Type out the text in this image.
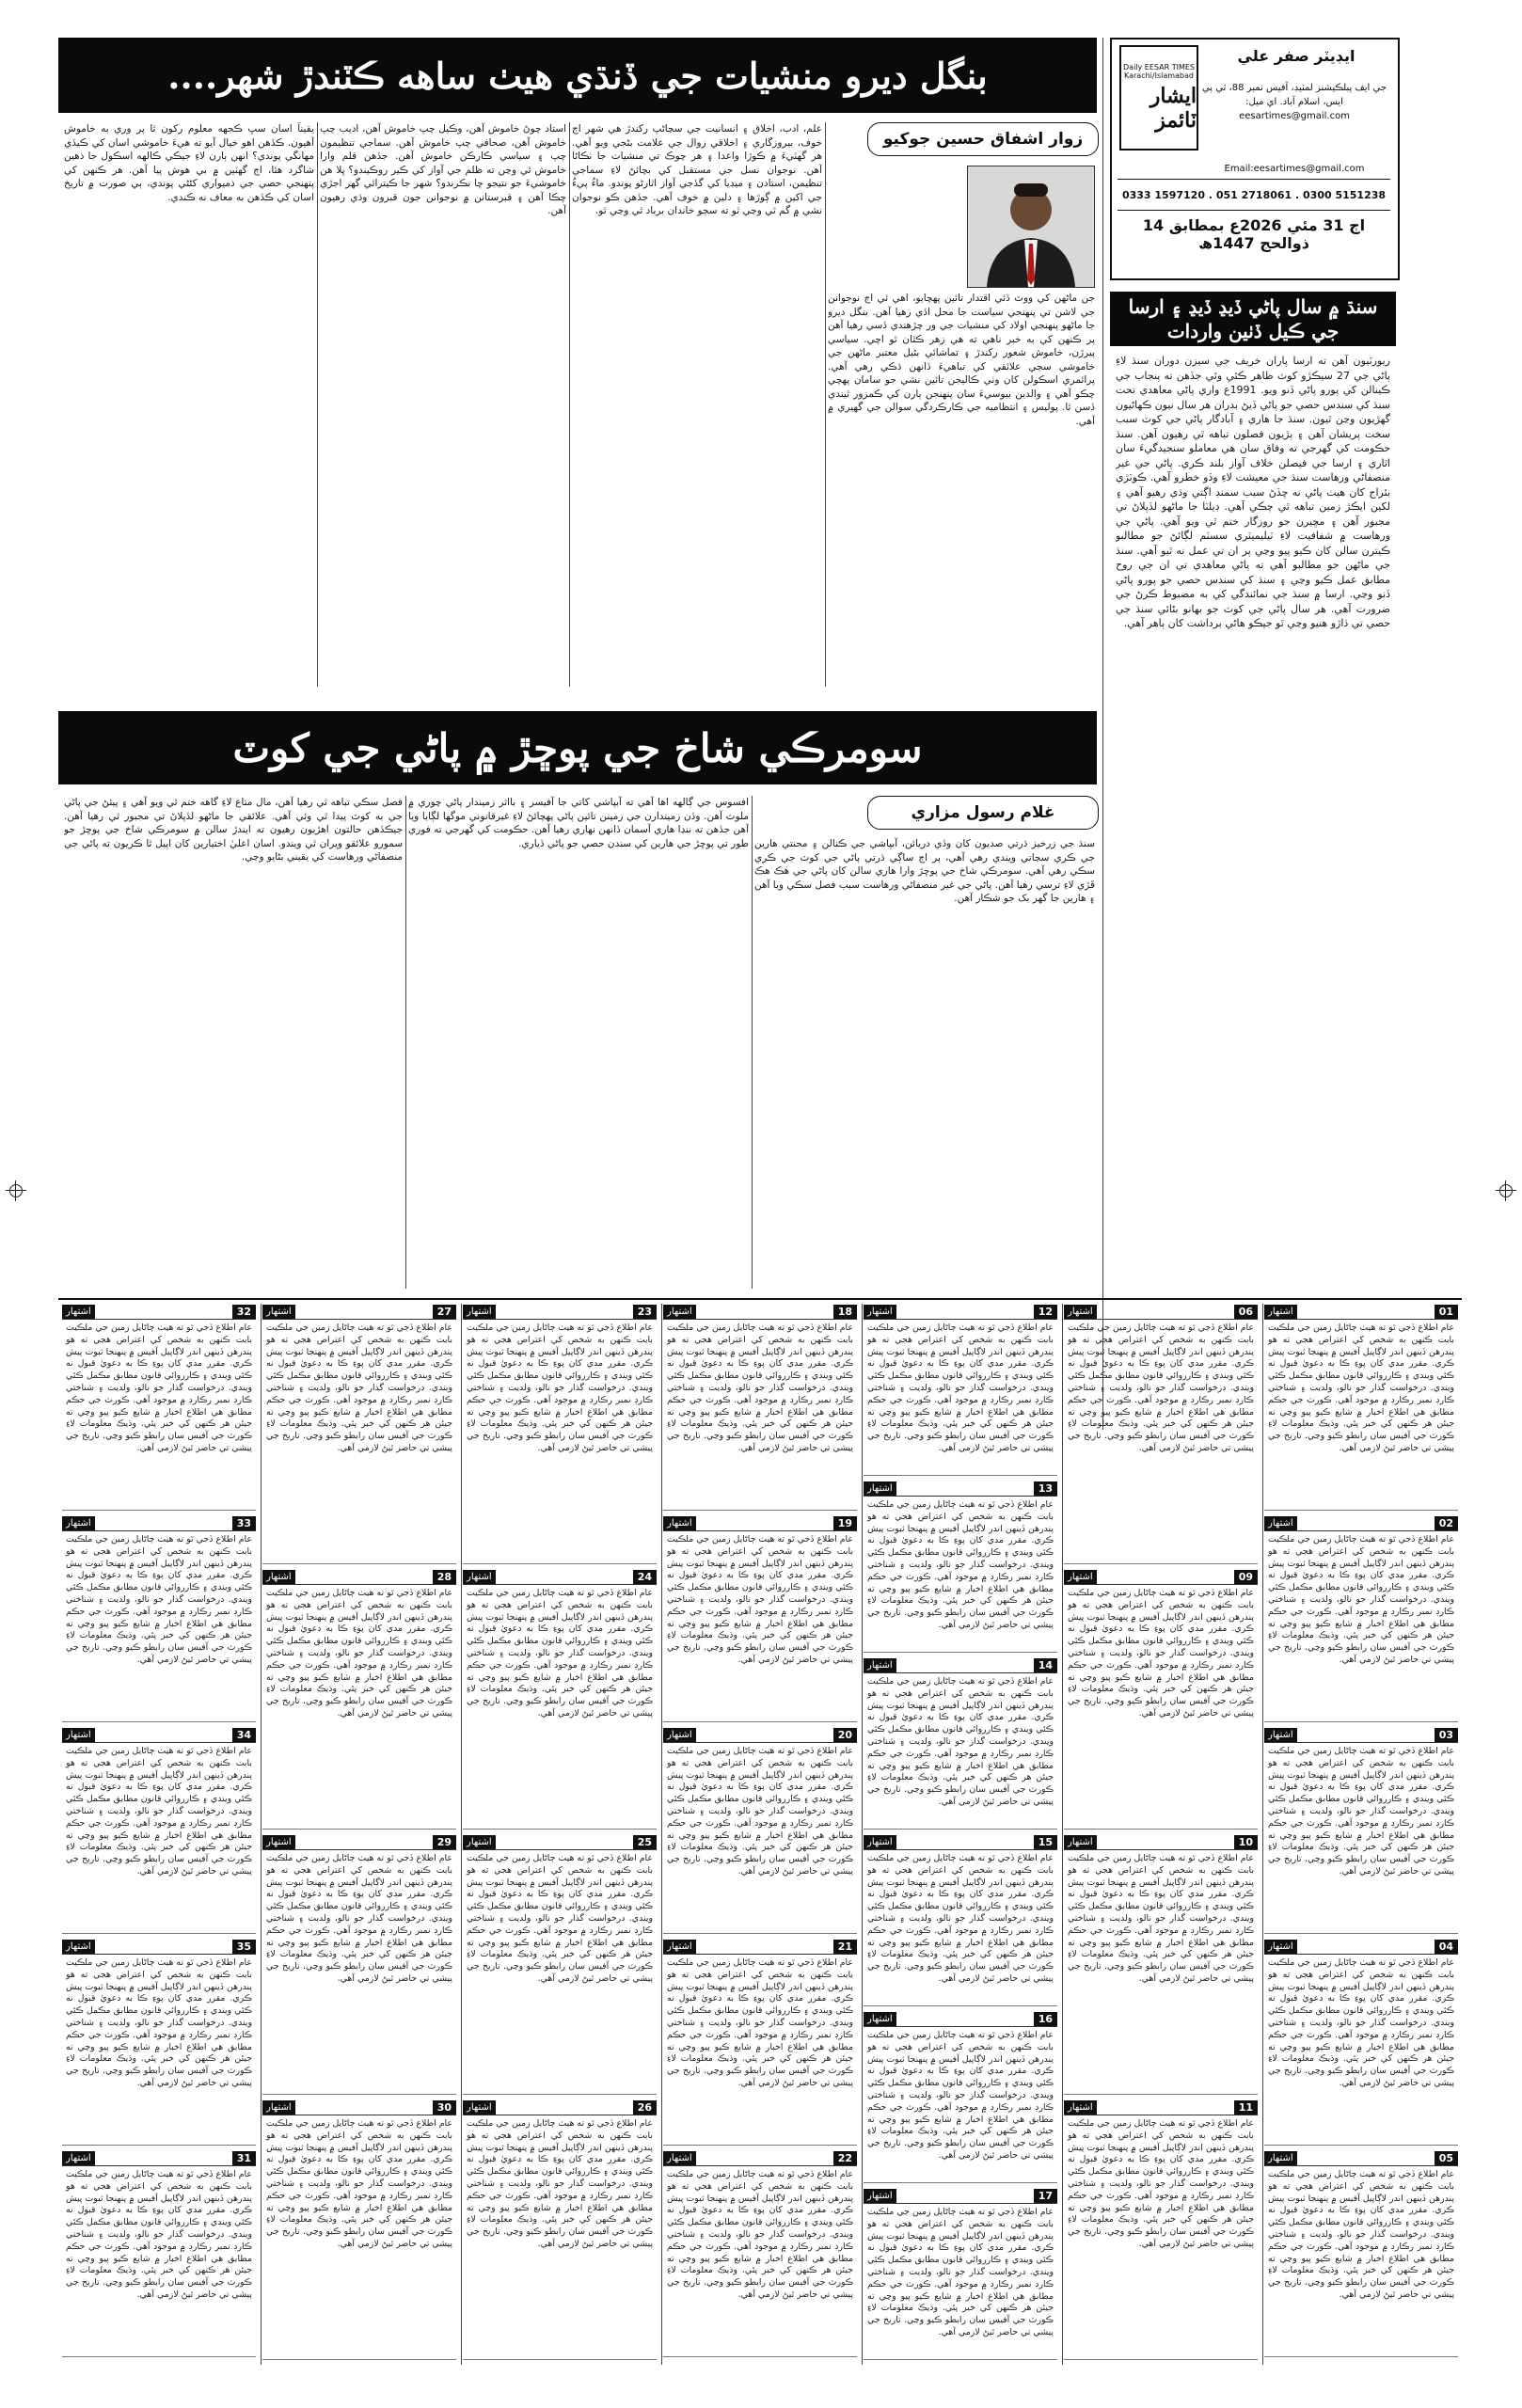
Daily EESAR TIMES Karachi/Islamabad
ايشار ٽائمز
ايڊيٽر صفر علي
جي ايف پبلڪيشنز لمٽيڊ، آفيس نمبر 88، ٽي پي ايس، اسلام آباد. اي ميل: eesartimes@gmail.com
Email:eesartimes@gmail.com
0333 1597120 . 051 2718061 . 0300 5151238
اڄ 31 مئي 2026ع بمطابق 14 ذوالحج 1447ھ
سنڌ ۾ سال پاڻي ڏيڍ ڏيڍ ۽ ارسا جي ڪيل ڏٺين واردات
ريورٽيون آهن ته ارسا پاران خريف جي سيزن دوران سنڌ لاءِ پاڻي جي 27 سيڪڙو کوٽ ظاهر ڪئي وئي جڏهن ته پنجاب جي ڪينالن کي پورو پاڻي ڏنو ويو. 1991ع واري پاڻي معاهدي تحت سنڌ کي سندس حصي جو پاڻي ڏيڻ بدران هر سال نيون ڪهاڻيون گهڙيون وڃن ٿيون. سنڌ جا هاري ۽ آبادگار پاڻي جي کوٽ سبب سخت پريشان آهن ۽ ٻڙيون فصلون تباهه ٿي رهيون آهن. سنڌ حڪومت کي گهرجي ته وفاق سان هي معاملو سنجيدگيءَ سان اٿاري ۽ ارسا جي فيصلن خلاف آواز بلند ڪري. پاڻي جي غير منصفاڻي ورهاست سنڌ جي معيشت لاءِ وڏو خطرو آهي. ڪوٽڙي بئراج کان هيٺ پاڻي نه ڇڏڻ سبب سمنڊ اڳتي وڌي رهيو آهي ۽ لکين ايڪڙ زمين تباهه ٿي چڪي آهي. ڊيلٽا جا ماڻهو لڏپلاڻ تي مجبور آهن ۽ مڇيرن جو روزگار ختم ٿي ويو آهي. پاڻي جي ورهاست ۾ شفافيت لاءِ ٽيليميٽري سسٽم لڳائڻ جو مطالبو ڪيترن سالن کان ڪيو پيو وڃي پر ان تي عمل نه ٿيو آهي. سنڌ جي ماڻهن جو مطالبو آهي ته پاڻي معاهدي تي ان جي روح مطابق عمل ڪيو وڃي ۽ سنڌ کي سندس حصي جو پورو پاڻي ڏنو وڃي. ارسا ۾ سنڌ جي نمائندگي کي به مضبوط ڪرڻ جي ضرورت آهي. هر سال پاڻي جي کوٽ جو بهانو بڻائي سنڌ جي حصي تي ڌاڙو هنيو وڃي ٿو جيڪو هاڻي برداشت کان ٻاهر آهي.
بنگل ديرو منشيات جي ڏنڌي هيٺ ساهه ڪٽندڙ شهر....
زوار اشفاق حسين جوکيو
جن ماڻهن کي ووٽ ڏئي اقتدار تائين پهچايو، اهي ئي اڄ نوجوانن جي لاشن تي پنهنجي سياست جا محل اڏي رهيا آهن. بنگل ديرو جا ماڻهو پنهنجي اولاد کي منشيات جي ور چڙهندي ڏسي رهيا آهن پر ڪنهن کي به خبر ناهي ته هي زهر ڪٿان ٿو اچي. سياسي پيرڙن، خاموش شعور رکندڙ ۽ تماشائي بڻيل معتبر ماڻهن جي خاموشي سڄي علائقي کي تباهيءَ ڏانهن ڌڪي رهي آهي. پرائمري اسڪولن کان وٺي ڪاليجن تائين نشي جو سامان پهچي چڪو آهي ۽ والدين بيوسيءَ سان پنهنجن ٻارن کي ڪمزور ٿيندي ڏسن ٿا. پوليس ۽ انتظاميه جي ڪارڪردگي سوالن جي گهيري ۾ آهي.
علم، ادب، اخلاق ۽ انسانيت جي سڃاڻپ رکندڙ هي شهر اڄ خوف، بيروزگاري ۽ اخلاقي زوال جي علامت بڻجي ويو آهي. هر گهٽيءَ ۾ ڪوڙا واعدا ۽ هر چوڪ تي منشيات جا ٺڪاڻا آهن. نوجوان نسل جي مستقبل کي بچائڻ لاءِ سماجي تنظيمن، استادن ۽ ميڊيا کي گڏجي آواز اٿارڻو پوندو. ماءُ پيءُ جي اکين ۾ ڳوڙها ۽ دلين ۾ خوف آهي. جڏهن ڪو نوجوان نشي ۾ گم ٿي وڃي ٿو ته سڄو خاندان برباد ٿي وڃي ٿو.
استاد چوڻ خاموش آهن، وڪيل چپ خاموش آهن، اديب چپ خاموش آهن، صحافي چپ خاموش آهن. سماجي تنظيمون چپ ۽ سياسي ڪارڪن خاموش آهن. جڏهن قلم وارا خاموش ٿي وڃن ته ظلم جي آواز کي ڪير روڪيندو؟ ڀلا هن خاموشيءَ جو نتيجو ڇا نڪرندو؟ شهر جا ڪيترائي گهر اجڙي چڪا آهن ۽ قبرستانن ۾ نوجوانن جون قبرون وڌي رهيون آهن.
يقيناً اسان سڀ ڪجهه معلوم رکون ٿا پر وري به خاموش آهيون. ڪڏهن اهو خيال آيو ته هيءَ خاموشي اسان کي ڪيڏي مهانگي پوندي؟ انهن ٻارن لاءِ جيڪي ڪالهه اسڪول جا ذهين شاگرد هئا، اڄ گهٽين ۾ بي هوش پيا آهن. هر ڪنهن کي پنهنجي حصي جي ذميواري کڻڻي پوندي، ٻي صورت ۾ تاريخ اسان کي ڪڏهن به معاف نه ڪندي.
سومرڪي شاخ جي پوڇڙ ۾ پاڻي جي کوٽ
غلام رسول مزاري
سنڌ جي زرخيز ڌرتي صديون کان وڏي دريائن، آبپاشي جي ڪنالن ۽ محنتي هارين جي ڪري سڃاتي ويندي رهي آهي، پر اڄ ساڳي ڌرتي پاڻي جي کوٽ جي ڪري سڪي رهي آهي. سومرڪي شاخ جي پوڇڙ وارا هاري سالن کان پاڻي جي هڪ هڪ ڦڙي لاءِ ترسي رهيا آهن. پاڻي جي غير منصفاڻي ورهاست سبب فصل سڪي ويا آهن ۽ هارين جا گهر بک جو شڪار آهن.
افسوس جي ڳالهه اها آهي ته آبپاشي کاتي جا آفيسر ۽ بااثر زميندار پاڻي چوري ۾ ملوث آهن. وڏن زميندارن جي زمينن تائين پاڻي پهچائڻ لاءِ غيرقانوني موگها لڳايا ويا آهن جڏهن ته ننڍا هاري آسمان ڏانهن نهاري رهيا آهن. حڪومت کي گهرجي ته فوري طور تي پوڇڙ جي هارين کي سندن حصي جو پاڻي ڏياري.
فصل سڪي تباهه ٿي رهيا آهن، مال متاع لاءِ گاهه ختم ٿي ويو آهي ۽ پيئڻ جي پاڻي جي به کوٽ پيدا ٿي وئي آهي. علائقي جا ماڻهو لڏپلاڻ تي مجبور ٿي رهيا آهن. جيڪڏهن حالتون اهڙيون رهيون ته ايندڙ سالن ۾ سومرڪي شاخ جي پوڇڙ جو سمورو علائقو ويران ٿي ويندو. اسان اعليٰ اختيارين کان اپيل ٿا ڪريون ته پاڻي جي منصفاڻي ورهاست کي يقيني بڻايو وڃي.
01
اشتهار
عام اطلاع ڏجي ٿو ته هيٺ ڄاڻايل زمين جي ملڪيت بابت ڪنهن به شخص کي اعتراض هجي ته هو پندرهن ڏينهن اندر لاڳاپيل آفيس ۾ پنهنجا ثبوت پيش ڪري. مقرر مدي کان پوءِ ڪا به دعويٰ قبول نه ڪئي ويندي ۽ ڪارروائي قانون مطابق مڪمل ڪئي ويندي. درخواست گذار جو نالو، ولديت ۽ شناختي ڪارڊ نمبر رڪارڊ ۾ موجود آهي. ڪورٽ جي حڪم مطابق هي اطلاع اخبار ۾ شايع ڪيو پيو وڃي ته جيئن هر ڪنهن کي خبر پئي. وڌيڪ معلومات لاءِ ڪورٽ جي آفيس سان رابطو ڪيو وڃي. تاريخ جي پيشي تي حاضر ٿيڻ لازمي آهي.
02
اشتهار
عام اطلاع ڏجي ٿو ته هيٺ ڄاڻايل زمين جي ملڪيت بابت ڪنهن به شخص کي اعتراض هجي ته هو پندرهن ڏينهن اندر لاڳاپيل آفيس ۾ پنهنجا ثبوت پيش ڪري. مقرر مدي کان پوءِ ڪا به دعويٰ قبول نه ڪئي ويندي ۽ ڪارروائي قانون مطابق مڪمل ڪئي ويندي. درخواست گذار جو نالو، ولديت ۽ شناختي ڪارڊ نمبر رڪارڊ ۾ موجود آهي. ڪورٽ جي حڪم مطابق هي اطلاع اخبار ۾ شايع ڪيو پيو وڃي ته جيئن هر ڪنهن کي خبر پئي. وڌيڪ معلومات لاءِ ڪورٽ جي آفيس سان رابطو ڪيو وڃي. تاريخ جي پيشي تي حاضر ٿيڻ لازمي آهي.
03
اشتهار
عام اطلاع ڏجي ٿو ته هيٺ ڄاڻايل زمين جي ملڪيت بابت ڪنهن به شخص کي اعتراض هجي ته هو پندرهن ڏينهن اندر لاڳاپيل آفيس ۾ پنهنجا ثبوت پيش ڪري. مقرر مدي کان پوءِ ڪا به دعويٰ قبول نه ڪئي ويندي ۽ ڪارروائي قانون مطابق مڪمل ڪئي ويندي. درخواست گذار جو نالو، ولديت ۽ شناختي ڪارڊ نمبر رڪارڊ ۾ موجود آهي. ڪورٽ جي حڪم مطابق هي اطلاع اخبار ۾ شايع ڪيو پيو وڃي ته جيئن هر ڪنهن کي خبر پئي. وڌيڪ معلومات لاءِ ڪورٽ جي آفيس سان رابطو ڪيو وڃي. تاريخ جي پيشي تي حاضر ٿيڻ لازمي آهي.
04
اشتهار
عام اطلاع ڏجي ٿو ته هيٺ ڄاڻايل زمين جي ملڪيت بابت ڪنهن به شخص کي اعتراض هجي ته هو پندرهن ڏينهن اندر لاڳاپيل آفيس ۾ پنهنجا ثبوت پيش ڪري. مقرر مدي کان پوءِ ڪا به دعويٰ قبول نه ڪئي ويندي ۽ ڪارروائي قانون مطابق مڪمل ڪئي ويندي. درخواست گذار جو نالو، ولديت ۽ شناختي ڪارڊ نمبر رڪارڊ ۾ موجود آهي. ڪورٽ جي حڪم مطابق هي اطلاع اخبار ۾ شايع ڪيو پيو وڃي ته جيئن هر ڪنهن کي خبر پئي. وڌيڪ معلومات لاءِ ڪورٽ جي آفيس سان رابطو ڪيو وڃي. تاريخ جي پيشي تي حاضر ٿيڻ لازمي آهي.
05
اشتهار
عام اطلاع ڏجي ٿو ته هيٺ ڄاڻايل زمين جي ملڪيت بابت ڪنهن به شخص کي اعتراض هجي ته هو پندرهن ڏينهن اندر لاڳاپيل آفيس ۾ پنهنجا ثبوت پيش ڪري. مقرر مدي کان پوءِ ڪا به دعويٰ قبول نه ڪئي ويندي ۽ ڪارروائي قانون مطابق مڪمل ڪئي ويندي. درخواست گذار جو نالو، ولديت ۽ شناختي ڪارڊ نمبر رڪارڊ ۾ موجود آهي. ڪورٽ جي حڪم مطابق هي اطلاع اخبار ۾ شايع ڪيو پيو وڃي ته جيئن هر ڪنهن کي خبر پئي. وڌيڪ معلومات لاءِ ڪورٽ جي آفيس سان رابطو ڪيو وڃي. تاريخ جي پيشي تي حاضر ٿيڻ لازمي آهي.
06
اشتهار
عام اطلاع ڏجي ٿو ته هيٺ ڄاڻايل زمين جي ملڪيت بابت ڪنهن به شخص کي اعتراض هجي ته هو پندرهن ڏينهن اندر لاڳاپيل آفيس ۾ پنهنجا ثبوت پيش ڪري. مقرر مدي کان پوءِ ڪا به دعويٰ قبول نه ڪئي ويندي ۽ ڪارروائي قانون مطابق مڪمل ڪئي ويندي. درخواست گذار جو نالو، ولديت ۽ شناختي ڪارڊ نمبر رڪارڊ ۾ موجود آهي. ڪورٽ جي حڪم مطابق هي اطلاع اخبار ۾ شايع ڪيو پيو وڃي ته جيئن هر ڪنهن کي خبر پئي. وڌيڪ معلومات لاءِ ڪورٽ جي آفيس سان رابطو ڪيو وڃي. تاريخ جي پيشي تي حاضر ٿيڻ لازمي آهي.
09
اشتهار
عام اطلاع ڏجي ٿو ته هيٺ ڄاڻايل زمين جي ملڪيت بابت ڪنهن به شخص کي اعتراض هجي ته هو پندرهن ڏينهن اندر لاڳاپيل آفيس ۾ پنهنجا ثبوت پيش ڪري. مقرر مدي کان پوءِ ڪا به دعويٰ قبول نه ڪئي ويندي ۽ ڪارروائي قانون مطابق مڪمل ڪئي ويندي. درخواست گذار جو نالو، ولديت ۽ شناختي ڪارڊ نمبر رڪارڊ ۾ موجود آهي. ڪورٽ جي حڪم مطابق هي اطلاع اخبار ۾ شايع ڪيو پيو وڃي ته جيئن هر ڪنهن کي خبر پئي. وڌيڪ معلومات لاءِ ڪورٽ جي آفيس سان رابطو ڪيو وڃي. تاريخ جي پيشي تي حاضر ٿيڻ لازمي آهي.
10
اشتهار
عام اطلاع ڏجي ٿو ته هيٺ ڄاڻايل زمين جي ملڪيت بابت ڪنهن به شخص کي اعتراض هجي ته هو پندرهن ڏينهن اندر لاڳاپيل آفيس ۾ پنهنجا ثبوت پيش ڪري. مقرر مدي کان پوءِ ڪا به دعويٰ قبول نه ڪئي ويندي ۽ ڪارروائي قانون مطابق مڪمل ڪئي ويندي. درخواست گذار جو نالو، ولديت ۽ شناختي ڪارڊ نمبر رڪارڊ ۾ موجود آهي. ڪورٽ جي حڪم مطابق هي اطلاع اخبار ۾ شايع ڪيو پيو وڃي ته جيئن هر ڪنهن کي خبر پئي. وڌيڪ معلومات لاءِ ڪورٽ جي آفيس سان رابطو ڪيو وڃي. تاريخ جي پيشي تي حاضر ٿيڻ لازمي آهي.
11
اشتهار
عام اطلاع ڏجي ٿو ته هيٺ ڄاڻايل زمين جي ملڪيت بابت ڪنهن به شخص کي اعتراض هجي ته هو پندرهن ڏينهن اندر لاڳاپيل آفيس ۾ پنهنجا ثبوت پيش ڪري. مقرر مدي کان پوءِ ڪا به دعويٰ قبول نه ڪئي ويندي ۽ ڪارروائي قانون مطابق مڪمل ڪئي ويندي. درخواست گذار جو نالو، ولديت ۽ شناختي ڪارڊ نمبر رڪارڊ ۾ موجود آهي. ڪورٽ جي حڪم مطابق هي اطلاع اخبار ۾ شايع ڪيو پيو وڃي ته جيئن هر ڪنهن کي خبر پئي. وڌيڪ معلومات لاءِ ڪورٽ جي آفيس سان رابطو ڪيو وڃي. تاريخ جي پيشي تي حاضر ٿيڻ لازمي آهي.
12
اشتهار
عام اطلاع ڏجي ٿو ته هيٺ ڄاڻايل زمين جي ملڪيت بابت ڪنهن به شخص کي اعتراض هجي ته هو پندرهن ڏينهن اندر لاڳاپيل آفيس ۾ پنهنجا ثبوت پيش ڪري. مقرر مدي کان پوءِ ڪا به دعويٰ قبول نه ڪئي ويندي ۽ ڪارروائي قانون مطابق مڪمل ڪئي ويندي. درخواست گذار جو نالو، ولديت ۽ شناختي ڪارڊ نمبر رڪارڊ ۾ موجود آهي. ڪورٽ جي حڪم مطابق هي اطلاع اخبار ۾ شايع ڪيو پيو وڃي ته جيئن هر ڪنهن کي خبر پئي. وڌيڪ معلومات لاءِ ڪورٽ جي آفيس سان رابطو ڪيو وڃي. تاريخ جي پيشي تي حاضر ٿيڻ لازمي آهي.
13
اشتهار
عام اطلاع ڏجي ٿو ته هيٺ ڄاڻايل زمين جي ملڪيت بابت ڪنهن به شخص کي اعتراض هجي ته هو پندرهن ڏينهن اندر لاڳاپيل آفيس ۾ پنهنجا ثبوت پيش ڪري. مقرر مدي کان پوءِ ڪا به دعويٰ قبول نه ڪئي ويندي ۽ ڪارروائي قانون مطابق مڪمل ڪئي ويندي. درخواست گذار جو نالو، ولديت ۽ شناختي ڪارڊ نمبر رڪارڊ ۾ موجود آهي. ڪورٽ جي حڪم مطابق هي اطلاع اخبار ۾ شايع ڪيو پيو وڃي ته جيئن هر ڪنهن کي خبر پئي. وڌيڪ معلومات لاءِ ڪورٽ جي آفيس سان رابطو ڪيو وڃي. تاريخ جي پيشي تي حاضر ٿيڻ لازمي آهي.
14
اشتهار
عام اطلاع ڏجي ٿو ته هيٺ ڄاڻايل زمين جي ملڪيت بابت ڪنهن به شخص کي اعتراض هجي ته هو پندرهن ڏينهن اندر لاڳاپيل آفيس ۾ پنهنجا ثبوت پيش ڪري. مقرر مدي کان پوءِ ڪا به دعويٰ قبول نه ڪئي ويندي ۽ ڪارروائي قانون مطابق مڪمل ڪئي ويندي. درخواست گذار جو نالو، ولديت ۽ شناختي ڪارڊ نمبر رڪارڊ ۾ موجود آهي. ڪورٽ جي حڪم مطابق هي اطلاع اخبار ۾ شايع ڪيو پيو وڃي ته جيئن هر ڪنهن کي خبر پئي. وڌيڪ معلومات لاءِ ڪورٽ جي آفيس سان رابطو ڪيو وڃي. تاريخ جي پيشي تي حاضر ٿيڻ لازمي آهي.
15
اشتهار
عام اطلاع ڏجي ٿو ته هيٺ ڄاڻايل زمين جي ملڪيت بابت ڪنهن به شخص کي اعتراض هجي ته هو پندرهن ڏينهن اندر لاڳاپيل آفيس ۾ پنهنجا ثبوت پيش ڪري. مقرر مدي کان پوءِ ڪا به دعويٰ قبول نه ڪئي ويندي ۽ ڪارروائي قانون مطابق مڪمل ڪئي ويندي. درخواست گذار جو نالو، ولديت ۽ شناختي ڪارڊ نمبر رڪارڊ ۾ موجود آهي. ڪورٽ جي حڪم مطابق هي اطلاع اخبار ۾ شايع ڪيو پيو وڃي ته جيئن هر ڪنهن کي خبر پئي. وڌيڪ معلومات لاءِ ڪورٽ جي آفيس سان رابطو ڪيو وڃي. تاريخ جي پيشي تي حاضر ٿيڻ لازمي آهي.
16
اشتهار
عام اطلاع ڏجي ٿو ته هيٺ ڄاڻايل زمين جي ملڪيت بابت ڪنهن به شخص کي اعتراض هجي ته هو پندرهن ڏينهن اندر لاڳاپيل آفيس ۾ پنهنجا ثبوت پيش ڪري. مقرر مدي کان پوءِ ڪا به دعويٰ قبول نه ڪئي ويندي ۽ ڪارروائي قانون مطابق مڪمل ڪئي ويندي. درخواست گذار جو نالو، ولديت ۽ شناختي ڪارڊ نمبر رڪارڊ ۾ موجود آهي. ڪورٽ جي حڪم مطابق هي اطلاع اخبار ۾ شايع ڪيو پيو وڃي ته جيئن هر ڪنهن کي خبر پئي. وڌيڪ معلومات لاءِ ڪورٽ جي آفيس سان رابطو ڪيو وڃي. تاريخ جي پيشي تي حاضر ٿيڻ لازمي آهي.
17
اشتهار
عام اطلاع ڏجي ٿو ته هيٺ ڄاڻايل زمين جي ملڪيت بابت ڪنهن به شخص کي اعتراض هجي ته هو پندرهن ڏينهن اندر لاڳاپيل آفيس ۾ پنهنجا ثبوت پيش ڪري. مقرر مدي کان پوءِ ڪا به دعويٰ قبول نه ڪئي ويندي ۽ ڪارروائي قانون مطابق مڪمل ڪئي ويندي. درخواست گذار جو نالو، ولديت ۽ شناختي ڪارڊ نمبر رڪارڊ ۾ موجود آهي. ڪورٽ جي حڪم مطابق هي اطلاع اخبار ۾ شايع ڪيو پيو وڃي ته جيئن هر ڪنهن کي خبر پئي. وڌيڪ معلومات لاءِ ڪورٽ جي آفيس سان رابطو ڪيو وڃي. تاريخ جي پيشي تي حاضر ٿيڻ لازمي آهي.
18
اشتهار
عام اطلاع ڏجي ٿو ته هيٺ ڄاڻايل زمين جي ملڪيت بابت ڪنهن به شخص کي اعتراض هجي ته هو پندرهن ڏينهن اندر لاڳاپيل آفيس ۾ پنهنجا ثبوت پيش ڪري. مقرر مدي کان پوءِ ڪا به دعويٰ قبول نه ڪئي ويندي ۽ ڪارروائي قانون مطابق مڪمل ڪئي ويندي. درخواست گذار جو نالو، ولديت ۽ شناختي ڪارڊ نمبر رڪارڊ ۾ موجود آهي. ڪورٽ جي حڪم مطابق هي اطلاع اخبار ۾ شايع ڪيو پيو وڃي ته جيئن هر ڪنهن کي خبر پئي. وڌيڪ معلومات لاءِ ڪورٽ جي آفيس سان رابطو ڪيو وڃي. تاريخ جي پيشي تي حاضر ٿيڻ لازمي آهي.
19
اشتهار
عام اطلاع ڏجي ٿو ته هيٺ ڄاڻايل زمين جي ملڪيت بابت ڪنهن به شخص کي اعتراض هجي ته هو پندرهن ڏينهن اندر لاڳاپيل آفيس ۾ پنهنجا ثبوت پيش ڪري. مقرر مدي کان پوءِ ڪا به دعويٰ قبول نه ڪئي ويندي ۽ ڪارروائي قانون مطابق مڪمل ڪئي ويندي. درخواست گذار جو نالو، ولديت ۽ شناختي ڪارڊ نمبر رڪارڊ ۾ موجود آهي. ڪورٽ جي حڪم مطابق هي اطلاع اخبار ۾ شايع ڪيو پيو وڃي ته جيئن هر ڪنهن کي خبر پئي. وڌيڪ معلومات لاءِ ڪورٽ جي آفيس سان رابطو ڪيو وڃي. تاريخ جي پيشي تي حاضر ٿيڻ لازمي آهي.
20
اشتهار
عام اطلاع ڏجي ٿو ته هيٺ ڄاڻايل زمين جي ملڪيت بابت ڪنهن به شخص کي اعتراض هجي ته هو پندرهن ڏينهن اندر لاڳاپيل آفيس ۾ پنهنجا ثبوت پيش ڪري. مقرر مدي کان پوءِ ڪا به دعويٰ قبول نه ڪئي ويندي ۽ ڪارروائي قانون مطابق مڪمل ڪئي ويندي. درخواست گذار جو نالو، ولديت ۽ شناختي ڪارڊ نمبر رڪارڊ ۾ موجود آهي. ڪورٽ جي حڪم مطابق هي اطلاع اخبار ۾ شايع ڪيو پيو وڃي ته جيئن هر ڪنهن کي خبر پئي. وڌيڪ معلومات لاءِ ڪورٽ جي آفيس سان رابطو ڪيو وڃي. تاريخ جي پيشي تي حاضر ٿيڻ لازمي آهي.
21
اشتهار
عام اطلاع ڏجي ٿو ته هيٺ ڄاڻايل زمين جي ملڪيت بابت ڪنهن به شخص کي اعتراض هجي ته هو پندرهن ڏينهن اندر لاڳاپيل آفيس ۾ پنهنجا ثبوت پيش ڪري. مقرر مدي کان پوءِ ڪا به دعويٰ قبول نه ڪئي ويندي ۽ ڪارروائي قانون مطابق مڪمل ڪئي ويندي. درخواست گذار جو نالو، ولديت ۽ شناختي ڪارڊ نمبر رڪارڊ ۾ موجود آهي. ڪورٽ جي حڪم مطابق هي اطلاع اخبار ۾ شايع ڪيو پيو وڃي ته جيئن هر ڪنهن کي خبر پئي. وڌيڪ معلومات لاءِ ڪورٽ جي آفيس سان رابطو ڪيو وڃي. تاريخ جي پيشي تي حاضر ٿيڻ لازمي آهي.
22
اشتهار
عام اطلاع ڏجي ٿو ته هيٺ ڄاڻايل زمين جي ملڪيت بابت ڪنهن به شخص کي اعتراض هجي ته هو پندرهن ڏينهن اندر لاڳاپيل آفيس ۾ پنهنجا ثبوت پيش ڪري. مقرر مدي کان پوءِ ڪا به دعويٰ قبول نه ڪئي ويندي ۽ ڪارروائي قانون مطابق مڪمل ڪئي ويندي. درخواست گذار جو نالو، ولديت ۽ شناختي ڪارڊ نمبر رڪارڊ ۾ موجود آهي. ڪورٽ جي حڪم مطابق هي اطلاع اخبار ۾ شايع ڪيو پيو وڃي ته جيئن هر ڪنهن کي خبر پئي. وڌيڪ معلومات لاءِ ڪورٽ جي آفيس سان رابطو ڪيو وڃي. تاريخ جي پيشي تي حاضر ٿيڻ لازمي آهي.
23
اشتهار
عام اطلاع ڏجي ٿو ته هيٺ ڄاڻايل زمين جي ملڪيت بابت ڪنهن به شخص کي اعتراض هجي ته هو پندرهن ڏينهن اندر لاڳاپيل آفيس ۾ پنهنجا ثبوت پيش ڪري. مقرر مدي کان پوءِ ڪا به دعويٰ قبول نه ڪئي ويندي ۽ ڪارروائي قانون مطابق مڪمل ڪئي ويندي. درخواست گذار جو نالو، ولديت ۽ شناختي ڪارڊ نمبر رڪارڊ ۾ موجود آهي. ڪورٽ جي حڪم مطابق هي اطلاع اخبار ۾ شايع ڪيو پيو وڃي ته جيئن هر ڪنهن کي خبر پئي. وڌيڪ معلومات لاءِ ڪورٽ جي آفيس سان رابطو ڪيو وڃي. تاريخ جي پيشي تي حاضر ٿيڻ لازمي آهي.
24
اشتهار
عام اطلاع ڏجي ٿو ته هيٺ ڄاڻايل زمين جي ملڪيت بابت ڪنهن به شخص کي اعتراض هجي ته هو پندرهن ڏينهن اندر لاڳاپيل آفيس ۾ پنهنجا ثبوت پيش ڪري. مقرر مدي کان پوءِ ڪا به دعويٰ قبول نه ڪئي ويندي ۽ ڪارروائي قانون مطابق مڪمل ڪئي ويندي. درخواست گذار جو نالو، ولديت ۽ شناختي ڪارڊ نمبر رڪارڊ ۾ موجود آهي. ڪورٽ جي حڪم مطابق هي اطلاع اخبار ۾ شايع ڪيو پيو وڃي ته جيئن هر ڪنهن کي خبر پئي. وڌيڪ معلومات لاءِ ڪورٽ جي آفيس سان رابطو ڪيو وڃي. تاريخ جي پيشي تي حاضر ٿيڻ لازمي آهي.
25
اشتهار
عام اطلاع ڏجي ٿو ته هيٺ ڄاڻايل زمين جي ملڪيت بابت ڪنهن به شخص کي اعتراض هجي ته هو پندرهن ڏينهن اندر لاڳاپيل آفيس ۾ پنهنجا ثبوت پيش ڪري. مقرر مدي کان پوءِ ڪا به دعويٰ قبول نه ڪئي ويندي ۽ ڪارروائي قانون مطابق مڪمل ڪئي ويندي. درخواست گذار جو نالو، ولديت ۽ شناختي ڪارڊ نمبر رڪارڊ ۾ موجود آهي. ڪورٽ جي حڪم مطابق هي اطلاع اخبار ۾ شايع ڪيو پيو وڃي ته جيئن هر ڪنهن کي خبر پئي. وڌيڪ معلومات لاءِ ڪورٽ جي آفيس سان رابطو ڪيو وڃي. تاريخ جي پيشي تي حاضر ٿيڻ لازمي آهي.
26
اشتهار
عام اطلاع ڏجي ٿو ته هيٺ ڄاڻايل زمين جي ملڪيت بابت ڪنهن به شخص کي اعتراض هجي ته هو پندرهن ڏينهن اندر لاڳاپيل آفيس ۾ پنهنجا ثبوت پيش ڪري. مقرر مدي کان پوءِ ڪا به دعويٰ قبول نه ڪئي ويندي ۽ ڪارروائي قانون مطابق مڪمل ڪئي ويندي. درخواست گذار جو نالو، ولديت ۽ شناختي ڪارڊ نمبر رڪارڊ ۾ موجود آهي. ڪورٽ جي حڪم مطابق هي اطلاع اخبار ۾ شايع ڪيو پيو وڃي ته جيئن هر ڪنهن کي خبر پئي. وڌيڪ معلومات لاءِ ڪورٽ جي آفيس سان رابطو ڪيو وڃي. تاريخ جي پيشي تي حاضر ٿيڻ لازمي آهي.
27
اشتهار
عام اطلاع ڏجي ٿو ته هيٺ ڄاڻايل زمين جي ملڪيت بابت ڪنهن به شخص کي اعتراض هجي ته هو پندرهن ڏينهن اندر لاڳاپيل آفيس ۾ پنهنجا ثبوت پيش ڪري. مقرر مدي کان پوءِ ڪا به دعويٰ قبول نه ڪئي ويندي ۽ ڪارروائي قانون مطابق مڪمل ڪئي ويندي. درخواست گذار جو نالو، ولديت ۽ شناختي ڪارڊ نمبر رڪارڊ ۾ موجود آهي. ڪورٽ جي حڪم مطابق هي اطلاع اخبار ۾ شايع ڪيو پيو وڃي ته جيئن هر ڪنهن کي خبر پئي. وڌيڪ معلومات لاءِ ڪورٽ جي آفيس سان رابطو ڪيو وڃي. تاريخ جي پيشي تي حاضر ٿيڻ لازمي آهي.
28
اشتهار
عام اطلاع ڏجي ٿو ته هيٺ ڄاڻايل زمين جي ملڪيت بابت ڪنهن به شخص کي اعتراض هجي ته هو پندرهن ڏينهن اندر لاڳاپيل آفيس ۾ پنهنجا ثبوت پيش ڪري. مقرر مدي کان پوءِ ڪا به دعويٰ قبول نه ڪئي ويندي ۽ ڪارروائي قانون مطابق مڪمل ڪئي ويندي. درخواست گذار جو نالو، ولديت ۽ شناختي ڪارڊ نمبر رڪارڊ ۾ موجود آهي. ڪورٽ جي حڪم مطابق هي اطلاع اخبار ۾ شايع ڪيو پيو وڃي ته جيئن هر ڪنهن کي خبر پئي. وڌيڪ معلومات لاءِ ڪورٽ جي آفيس سان رابطو ڪيو وڃي. تاريخ جي پيشي تي حاضر ٿيڻ لازمي آهي.
29
اشتهار
عام اطلاع ڏجي ٿو ته هيٺ ڄاڻايل زمين جي ملڪيت بابت ڪنهن به شخص کي اعتراض هجي ته هو پندرهن ڏينهن اندر لاڳاپيل آفيس ۾ پنهنجا ثبوت پيش ڪري. مقرر مدي کان پوءِ ڪا به دعويٰ قبول نه ڪئي ويندي ۽ ڪارروائي قانون مطابق مڪمل ڪئي ويندي. درخواست گذار جو نالو، ولديت ۽ شناختي ڪارڊ نمبر رڪارڊ ۾ موجود آهي. ڪورٽ جي حڪم مطابق هي اطلاع اخبار ۾ شايع ڪيو پيو وڃي ته جيئن هر ڪنهن کي خبر پئي. وڌيڪ معلومات لاءِ ڪورٽ جي آفيس سان رابطو ڪيو وڃي. تاريخ جي پيشي تي حاضر ٿيڻ لازمي آهي.
30
اشتهار
عام اطلاع ڏجي ٿو ته هيٺ ڄاڻايل زمين جي ملڪيت بابت ڪنهن به شخص کي اعتراض هجي ته هو پندرهن ڏينهن اندر لاڳاپيل آفيس ۾ پنهنجا ثبوت پيش ڪري. مقرر مدي کان پوءِ ڪا به دعويٰ قبول نه ڪئي ويندي ۽ ڪارروائي قانون مطابق مڪمل ڪئي ويندي. درخواست گذار جو نالو، ولديت ۽ شناختي ڪارڊ نمبر رڪارڊ ۾ موجود آهي. ڪورٽ جي حڪم مطابق هي اطلاع اخبار ۾ شايع ڪيو پيو وڃي ته جيئن هر ڪنهن کي خبر پئي. وڌيڪ معلومات لاءِ ڪورٽ جي آفيس سان رابطو ڪيو وڃي. تاريخ جي پيشي تي حاضر ٿيڻ لازمي آهي.
32
اشتهار
عام اطلاع ڏجي ٿو ته هيٺ ڄاڻايل زمين جي ملڪيت بابت ڪنهن به شخص کي اعتراض هجي ته هو پندرهن ڏينهن اندر لاڳاپيل آفيس ۾ پنهنجا ثبوت پيش ڪري. مقرر مدي کان پوءِ ڪا به دعويٰ قبول نه ڪئي ويندي ۽ ڪارروائي قانون مطابق مڪمل ڪئي ويندي. درخواست گذار جو نالو، ولديت ۽ شناختي ڪارڊ نمبر رڪارڊ ۾ موجود آهي. ڪورٽ جي حڪم مطابق هي اطلاع اخبار ۾ شايع ڪيو پيو وڃي ته جيئن هر ڪنهن کي خبر پئي. وڌيڪ معلومات لاءِ ڪورٽ جي آفيس سان رابطو ڪيو وڃي. تاريخ جي پيشي تي حاضر ٿيڻ لازمي آهي.
33
اشتهار
عام اطلاع ڏجي ٿو ته هيٺ ڄاڻايل زمين جي ملڪيت بابت ڪنهن به شخص کي اعتراض هجي ته هو پندرهن ڏينهن اندر لاڳاپيل آفيس ۾ پنهنجا ثبوت پيش ڪري. مقرر مدي کان پوءِ ڪا به دعويٰ قبول نه ڪئي ويندي ۽ ڪارروائي قانون مطابق مڪمل ڪئي ويندي. درخواست گذار جو نالو، ولديت ۽ شناختي ڪارڊ نمبر رڪارڊ ۾ موجود آهي. ڪورٽ جي حڪم مطابق هي اطلاع اخبار ۾ شايع ڪيو پيو وڃي ته جيئن هر ڪنهن کي خبر پئي. وڌيڪ معلومات لاءِ ڪورٽ جي آفيس سان رابطو ڪيو وڃي. تاريخ جي پيشي تي حاضر ٿيڻ لازمي آهي.
34
اشتهار
عام اطلاع ڏجي ٿو ته هيٺ ڄاڻايل زمين جي ملڪيت بابت ڪنهن به شخص کي اعتراض هجي ته هو پندرهن ڏينهن اندر لاڳاپيل آفيس ۾ پنهنجا ثبوت پيش ڪري. مقرر مدي کان پوءِ ڪا به دعويٰ قبول نه ڪئي ويندي ۽ ڪارروائي قانون مطابق مڪمل ڪئي ويندي. درخواست گذار جو نالو، ولديت ۽ شناختي ڪارڊ نمبر رڪارڊ ۾ موجود آهي. ڪورٽ جي حڪم مطابق هي اطلاع اخبار ۾ شايع ڪيو پيو وڃي ته جيئن هر ڪنهن کي خبر پئي. وڌيڪ معلومات لاءِ ڪورٽ جي آفيس سان رابطو ڪيو وڃي. تاريخ جي پيشي تي حاضر ٿيڻ لازمي آهي.
35
اشتهار
عام اطلاع ڏجي ٿو ته هيٺ ڄاڻايل زمين جي ملڪيت بابت ڪنهن به شخص کي اعتراض هجي ته هو پندرهن ڏينهن اندر لاڳاپيل آفيس ۾ پنهنجا ثبوت پيش ڪري. مقرر مدي کان پوءِ ڪا به دعويٰ قبول نه ڪئي ويندي ۽ ڪارروائي قانون مطابق مڪمل ڪئي ويندي. درخواست گذار جو نالو، ولديت ۽ شناختي ڪارڊ نمبر رڪارڊ ۾ موجود آهي. ڪورٽ جي حڪم مطابق هي اطلاع اخبار ۾ شايع ڪيو پيو وڃي ته جيئن هر ڪنهن کي خبر پئي. وڌيڪ معلومات لاءِ ڪورٽ جي آفيس سان رابطو ڪيو وڃي. تاريخ جي پيشي تي حاضر ٿيڻ لازمي آهي.
31
اشتهار
عام اطلاع ڏجي ٿو ته هيٺ ڄاڻايل زمين جي ملڪيت بابت ڪنهن به شخص کي اعتراض هجي ته هو پندرهن ڏينهن اندر لاڳاپيل آفيس ۾ پنهنجا ثبوت پيش ڪري. مقرر مدي کان پوءِ ڪا به دعويٰ قبول نه ڪئي ويندي ۽ ڪارروائي قانون مطابق مڪمل ڪئي ويندي. درخواست گذار جو نالو، ولديت ۽ شناختي ڪارڊ نمبر رڪارڊ ۾ موجود آهي. ڪورٽ جي حڪم مطابق هي اطلاع اخبار ۾ شايع ڪيو پيو وڃي ته جيئن هر ڪنهن کي خبر پئي. وڌيڪ معلومات لاءِ ڪورٽ جي آفيس سان رابطو ڪيو وڃي. تاريخ جي پيشي تي حاضر ٿيڻ لازمي آهي.
